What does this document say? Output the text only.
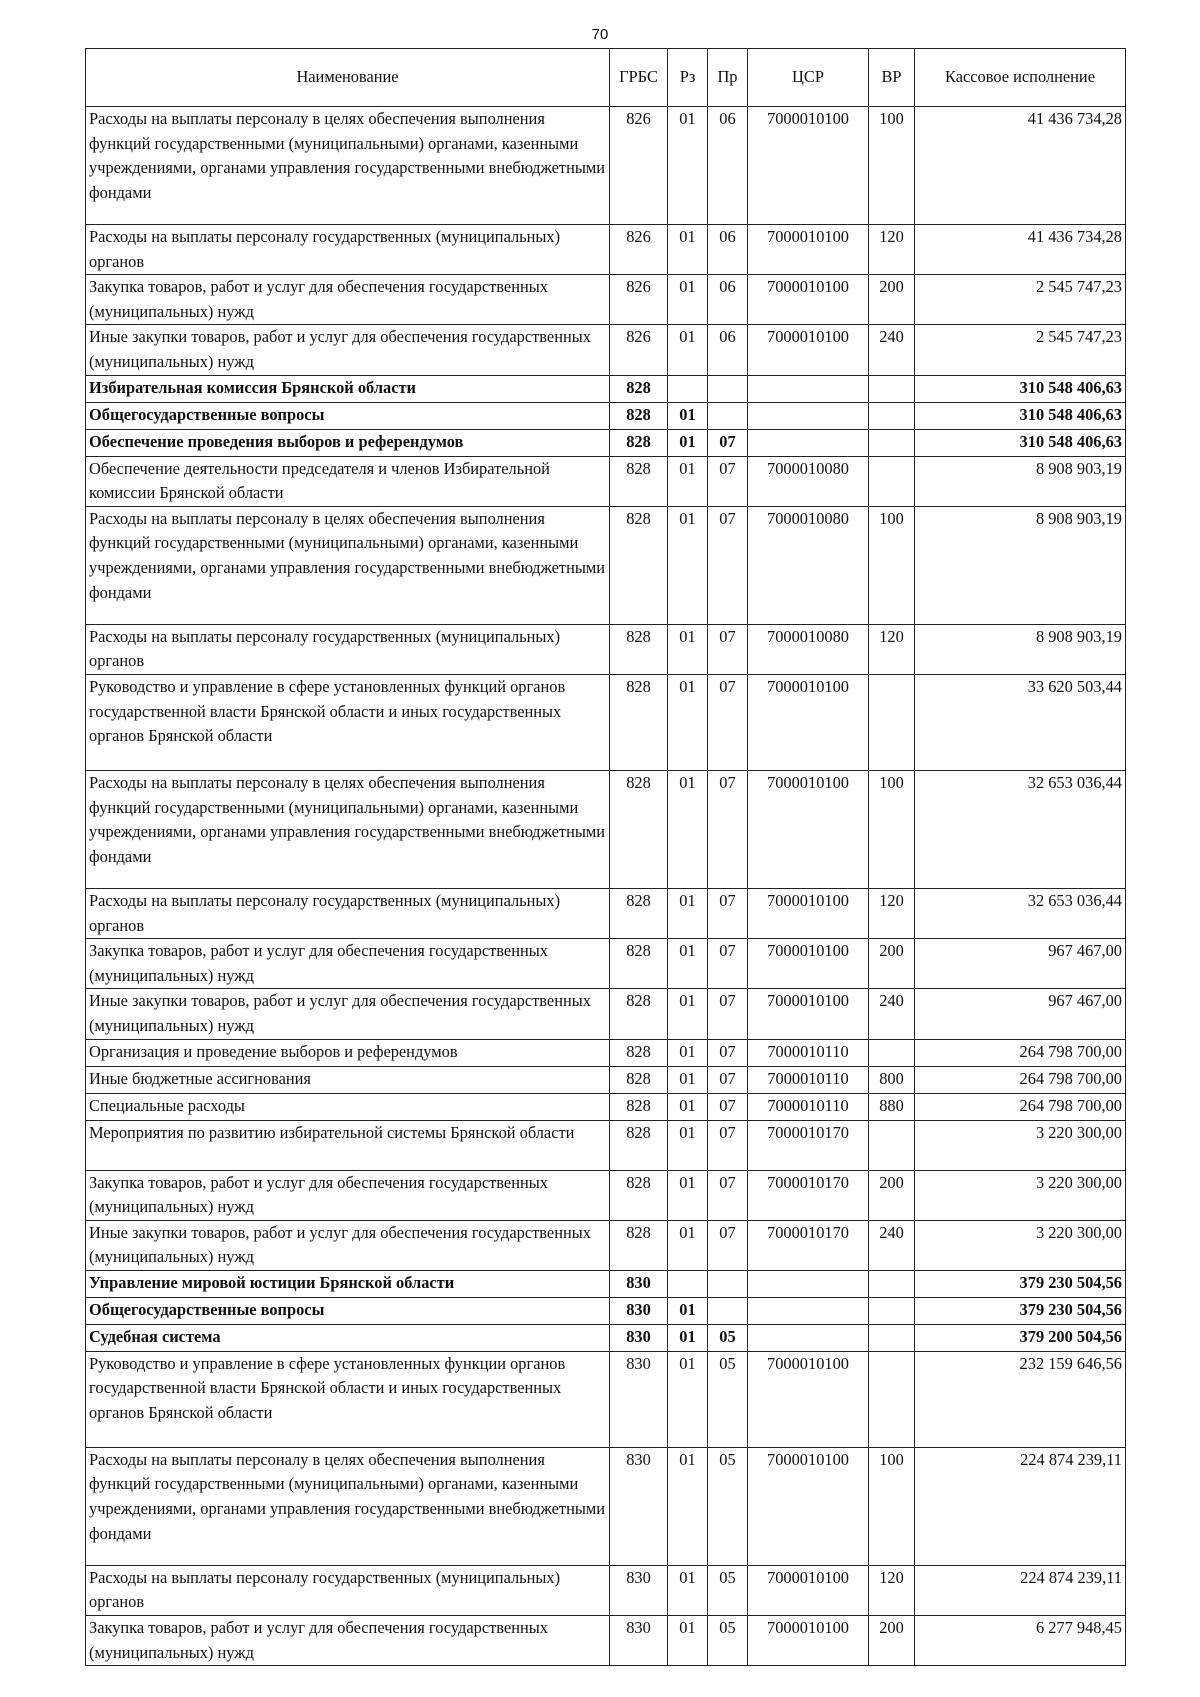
70
Наименование	ГРБС	Рз	Пр	ЦСР	ВР	Кассовое исполнение
Расходы на выплаты персоналу в целях обеспечения выполнения функций государственными (муниципальными) органами, казенными учреждениями, органами управления государственными внебюджетными фондами	826	01	06	7000010100	100	41 436 734,28
Расходы на выплаты персоналу государственных (муниципальных) органов	826	01	06	7000010100	120	41 436 734,28
Закупка товаров, работ и услуг для обеспечения государственных (муниципальных) нужд	826	01	06	7000010100	200	2 545 747,23
Иные закупки товаров, работ и услуг для обеспечения государственных (муниципальных) нужд	826	01	06	7000010100	240	2 545 747,23
Избирательная комиссия Брянской области	828					310 548 406,63
Общегосударственные вопросы	828	01				310 548 406,63
Обеспечение проведения выборов и референдумов	828	01	07			310 548 406,63
Обеспечение деятельности председателя и членов Избирательной комиссии Брянской области	828	01	07	7000010080		8 908 903,19
Расходы на выплаты персоналу в целях обеспечения выполнения функций государственными (муниципальными) органами, казенными учреждениями, органами управления государственными внебюджетными фондами	828	01	07	7000010080	100	8 908 903,19
Расходы на выплаты персоналу государственных (муниципальных) органов	828	01	07	7000010080	120	8 908 903,19
Руководство и управление в сфере установленных функций органов государственной власти Брянской области и иных государственных органов Брянской области	828	01	07	7000010100		33 620 503,44
Расходы на выплаты персоналу в целях обеспечения выполнения функций государственными (муниципальными) органами, казенными учреждениями, органами управления государственными внебюджетными фондами	828	01	07	7000010100	100	32 653 036,44
Расходы на выплаты персоналу государственных (муниципальных) органов	828	01	07	7000010100	120	32 653 036,44
Закупка товаров, работ и услуг для обеспечения государственных (муниципальных) нужд	828	01	07	7000010100	200	967 467,00
Иные закупки товаров, работ и услуг для обеспечения государственных (муниципальных) нужд	828	01	07	7000010100	240	967 467,00
Организация и проведение выборов и референдумов	828	01	07	7000010110		264 798 700,00
Иные бюджетные ассигнования	828	01	07	7000010110	800	264 798 700,00
Специальные расходы	828	01	07	7000010110	880	264 798 700,00
Мероприятия по развитию избирательной системы Брянской области	828	01	07	7000010170		3 220 300,00
Закупка товаров, работ и услуг для обеспечения государственных (муниципальных) нужд	828	01	07	7000010170	200	3 220 300,00
Иные закупки товаров, работ и услуг для обеспечения государственных (муниципальных) нужд	828	01	07	7000010170	240	3 220 300,00
Управление мировой юстиции Брянской области	830					379 230 504,56
Общегосударственные вопросы	830	01				379 230 504,56
Судебная система	830	01	05			379 200 504,56
Руководство и управление в сфере установленных функции органов государственной власти Брянской области и иных государственных органов Брянской области	830	01	05	7000010100		232 159 646,56
Расходы на выплаты персоналу в целях обеспечения выполнения функций государственными (муниципальными) органами, казенными учреждениями, органами управления государственными внебюджетными фондами	830	01	05	7000010100	100	224 874 239,11
Расходы на выплаты персоналу государственных (муниципальных) органов	830	01	05	7000010100	120	224 874 239,11
Закупка товаров, работ и услуг для обеспечения государственных (муниципальных) нужд	830	01	05	7000010100	200	6 277 948,45
